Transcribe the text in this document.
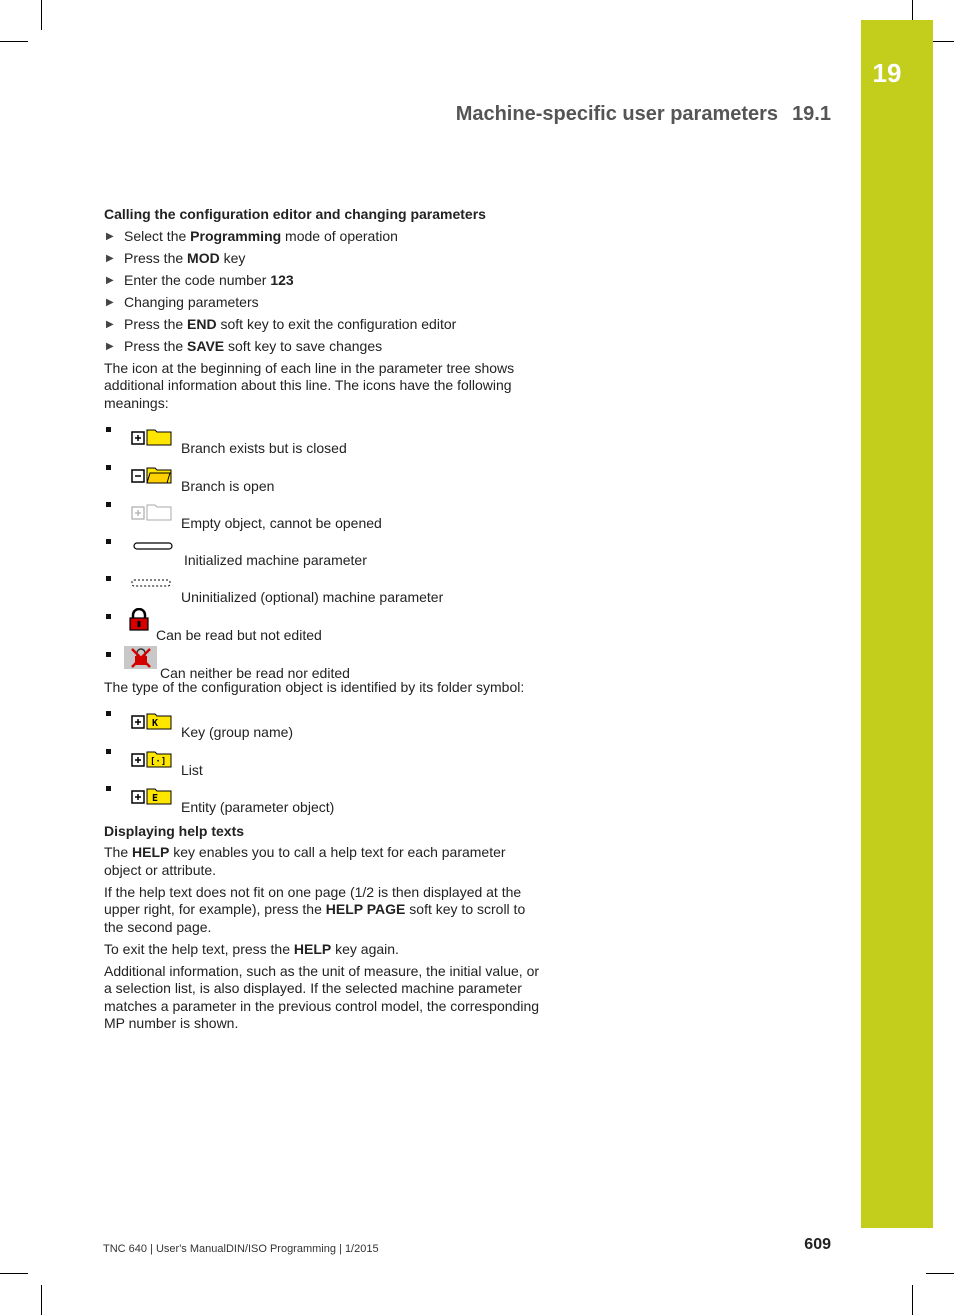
19
Machine-specific user parameters 19.1
Calling the configuration editor and changing parameters
▶ Select the Programming mode of operation
▶ Press the MOD key
▶ Enter the code number 123
▶ Changing parameters
▶ Press the END soft key to exit the configuration editor
▶ Press the SAVE soft key to save changes
The icon at the beginning of each line in the parameter tree shows additional information about this line. The icons have the following meanings:
Branch exists but is closed
Branch is open
Empty object, cannot be opened
Initialized machine parameter
Uninitialized (optional) machine parameter
Can be read but not edited
Can neither be read nor edited
The type of the configuration object is identified by its folder symbol:
K
Key (group name)
[·] List
E
Entity (parameter object)
Displaying help texts
The HELP key enables you to call a help text for each parameter object or attribute.
If the help text does not fit on one page (1/2 is then displayed at the upper right, for example), press the HELP PAGE soft key to scroll to the second page.
To exit the help text, press the HELP key again.
Additional information, such as the unit of measure, the initial value, or a selection list, is also displayed. If the selected machine parameter matches a parameter in the previous control model, the corresponding MP number is shown.
TNC 640 | User's ManualDIN/ISO Programming | 1/2015	609
